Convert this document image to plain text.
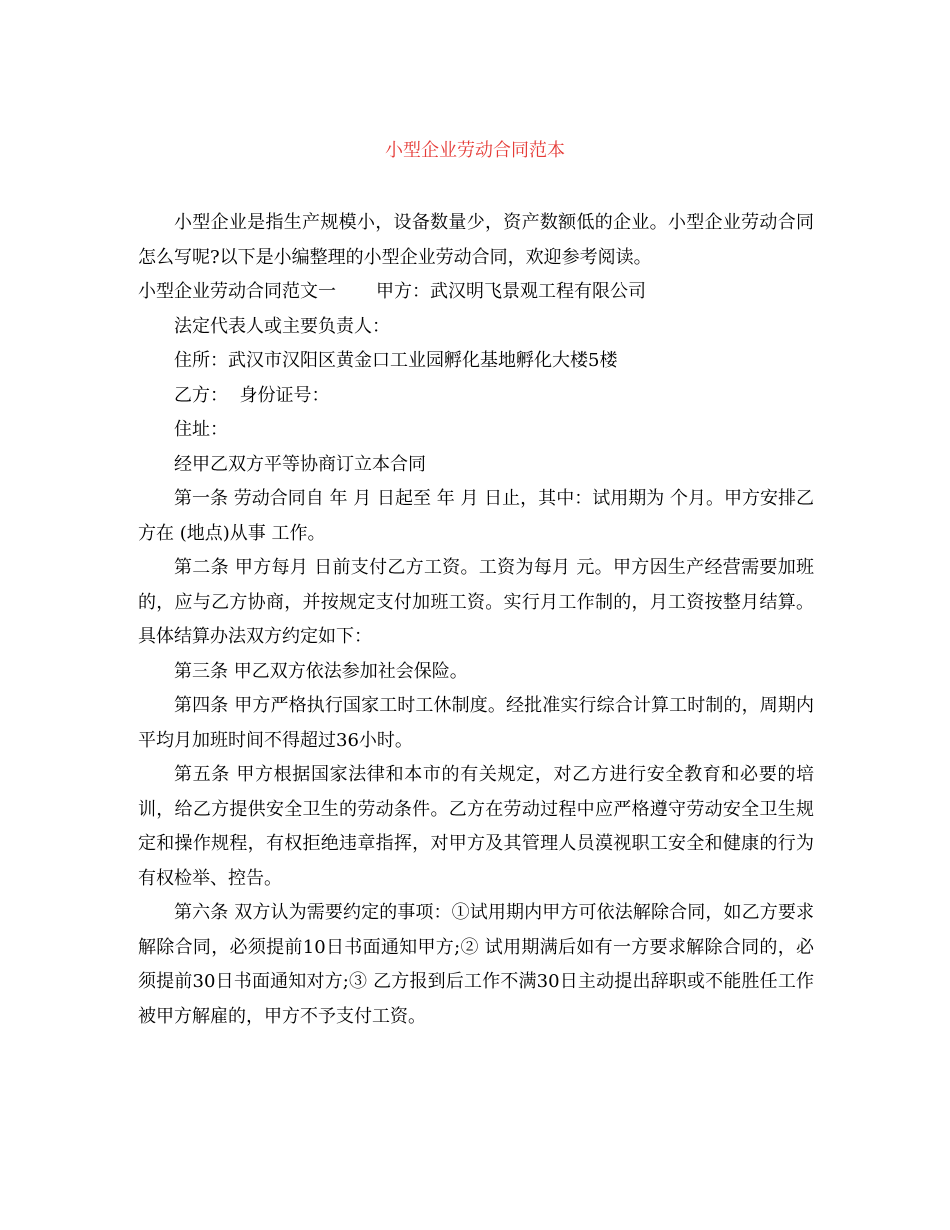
小型企业劳动合同范本

小型企业是指生产规模小，设备数量少，资产数额低的企业。小型企业劳动合同怎么写呢?以下是小编整理的小型企业劳动合同，欢迎参考阅读。

小型企业劳动合同范文一 甲方：武汉明飞景观工程有限公司

法定代表人或主要负责人：

住所：武汉市汉阳区黄金口工业园孵化基地孵化大楼5楼

乙方：  身份证号：

住址：

经甲乙双方平等协商订立本合同

第一条 劳动合同自 年 月 日起至 年 月 日止，其中：试用期为 个月。甲方安排乙方在 (地点)从事 工作。

第二条 甲方每月 日前支付乙方工资。工资为每月 元。甲方因生产经营需要加班的，应与乙方协商，并按规定支付加班工资。实行月工作制的，月工资按整月结算。具体结算办法双方约定如下：

第三条 甲乙双方依法参加社会保险。

第四条 甲方严格执行国家工时工休制度。经批准实行综合计算工时制的，周期内平均月加班时间不得超过36小时。

第五条 甲方根据国家法律和本市的有关规定，对乙方进行安全教育和必要的培训，给乙方提供安全卫生的劳动条件。乙方在劳动过程中应严格遵守劳动安全卫生规定和操作规程，有权拒绝违章指挥，对甲方及其管理人员漠视职工安全和健康的行为有权检举、控告。

第六条 双方认为需要约定的事项：①试用期内甲方可依法解除合同，如乙方要求解除合同，必须提前10日书面通知甲方;② 试用期满后如有一方要求解除合同的，必须提前30日书面通知对方;③ 乙方报到后工作不满30日主动提出辞职或不能胜任工作被甲方解雇的，甲方不予支付工资。
